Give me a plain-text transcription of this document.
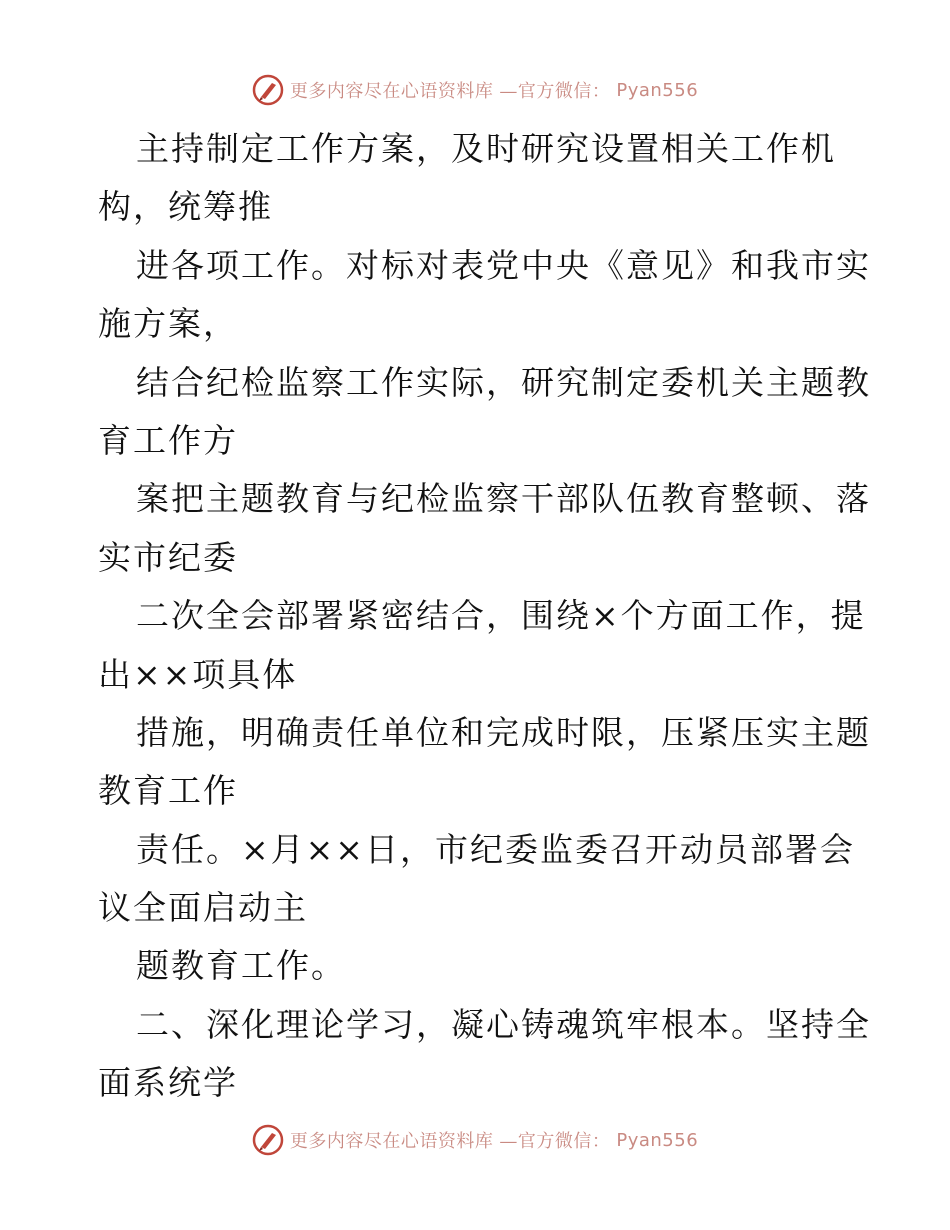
更多内容尽在心语资料库 —官方微信： Pyan556
主持制定工作方案，及时研究设置相关工作机
构，统筹推
进各项工作。对标对表党中央《意见》和我市实
施方案，
结合纪检监察工作实际，研究制定委机关主题教
育工作方
案把主题教育与纪检监察干部队伍教育整顿、落
实市纪委
二次全会部署紧密结合，围绕×个方面工作，提
出××项具体
措施，明确责任单位和完成时限，压紧压实主题
教育工作
责任。×月××日，市纪委监委召开动员部署会
议全面启动主
题教育工作。
二、深化理论学习，凝心铸魂筑牢根本。坚持全
面系统学
更多内容尽在心语资料库 —官方微信： Pyan556
